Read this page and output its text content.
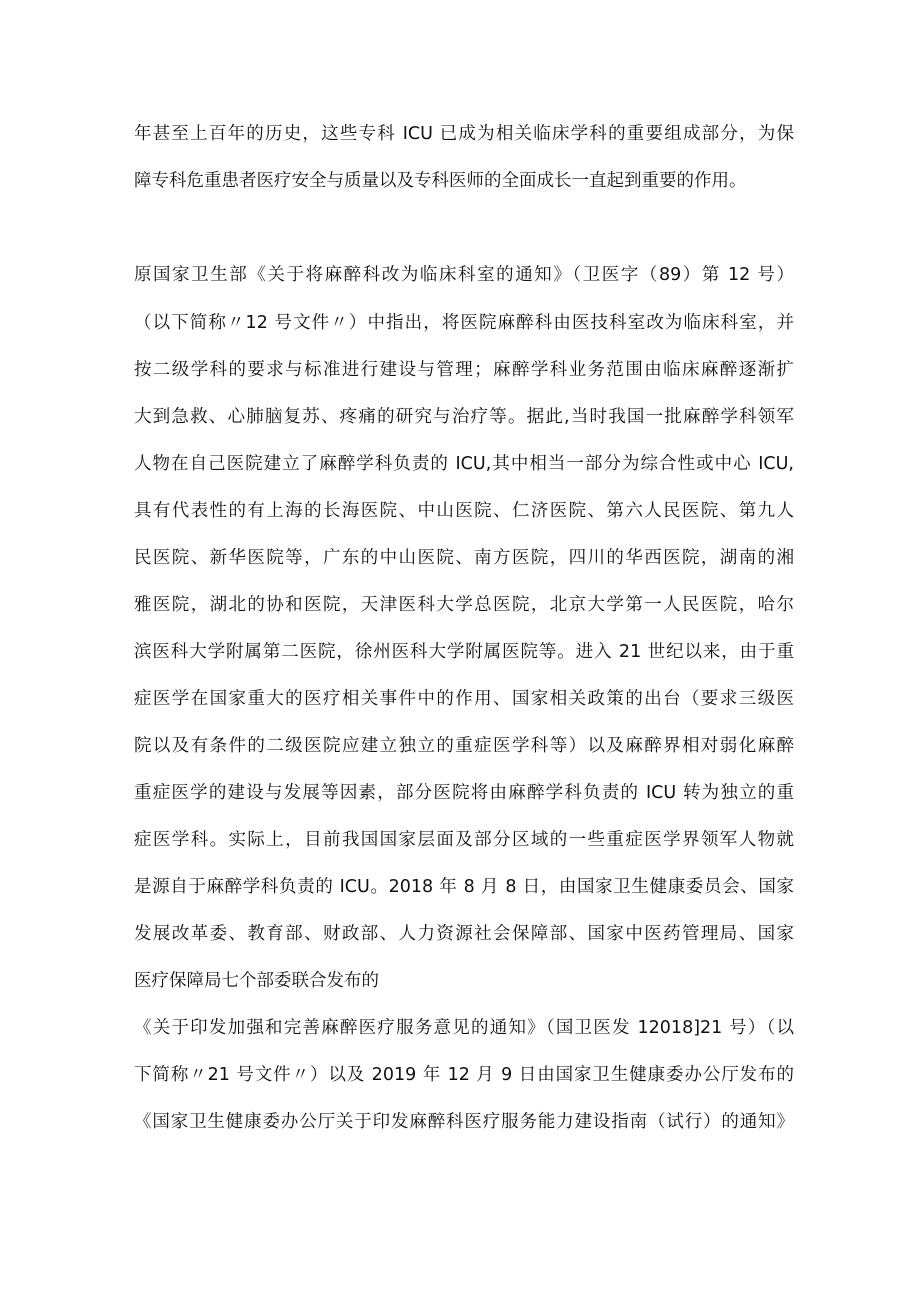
年甚至上百年的历史，这些专科 ICU 已成为相关临床学科的重要组成部分，为保
障专科危重患者医疗安全与质量以及专科医师的全面成长一直起到重要的作用。
原国家卫生部《关于将麻醉科改为临床科室的通知》（卫医字（89）第 12 号）
（以下简称〃12 号文件〃）中指出，将医院麻醉科由医技科室改为临床科室，并
按二级学科的要求与标准进行建设与管理；麻醉学科业务范围由临床麻醉逐渐扩
大到急救、心肺脑复苏、疼痛的研究与治疗等。据此,当时我国一批麻醉学科领军
人物在自己医院建立了麻醉学科负责的 ICU,其中相当一部分为综合性或中心 ICU,
具有代表性的有上海的长海医院、中山医院、仁济医院、第六人民医院、第九人
民医院、新华医院等，广东的中山医院、南方医院，四川的华西医院，湖南的湘
雅医院，湖北的协和医院，天津医科大学总医院，北京大学第一人民医院，哈尔
滨医科大学附属第二医院，徐州医科大学附属医院等。进入 21 世纪以来，由于重
症医学在国家重大的医疗相关事件中的作用、国家相关政策的出台（要求三级医
院以及有条件的二级医院应建立独立的重症医学科等）以及麻醉界相对弱化麻醉
重症医学的建设与发展等因素，部分医院将由麻醉学科负责的 ICU 转为独立的重
症医学科。实际上，目前我国国家层面及部分区域的一些重症医学界领军人物就
是源自于麻醉学科负责的 ICU。2018 年 8 月 8 日，由国家卫生健康委员会、国家
发展改革委、教育部、财政部、人力资源社会保障部、国家中医药管理局、国家
医疗保障局七个部委联合发布的
《关于印发加强和完善麻醉医疗服务意见的通知》（国卫医发 12018]21 号）（以
下简称〃21 号文件〃）以及 2019 年 12 月 9 日由国家卫生健康委办公厅发布的
《国家卫生健康委办公厅关于印发麻醉科医疗服务能力建设指南（试行）的通知》
